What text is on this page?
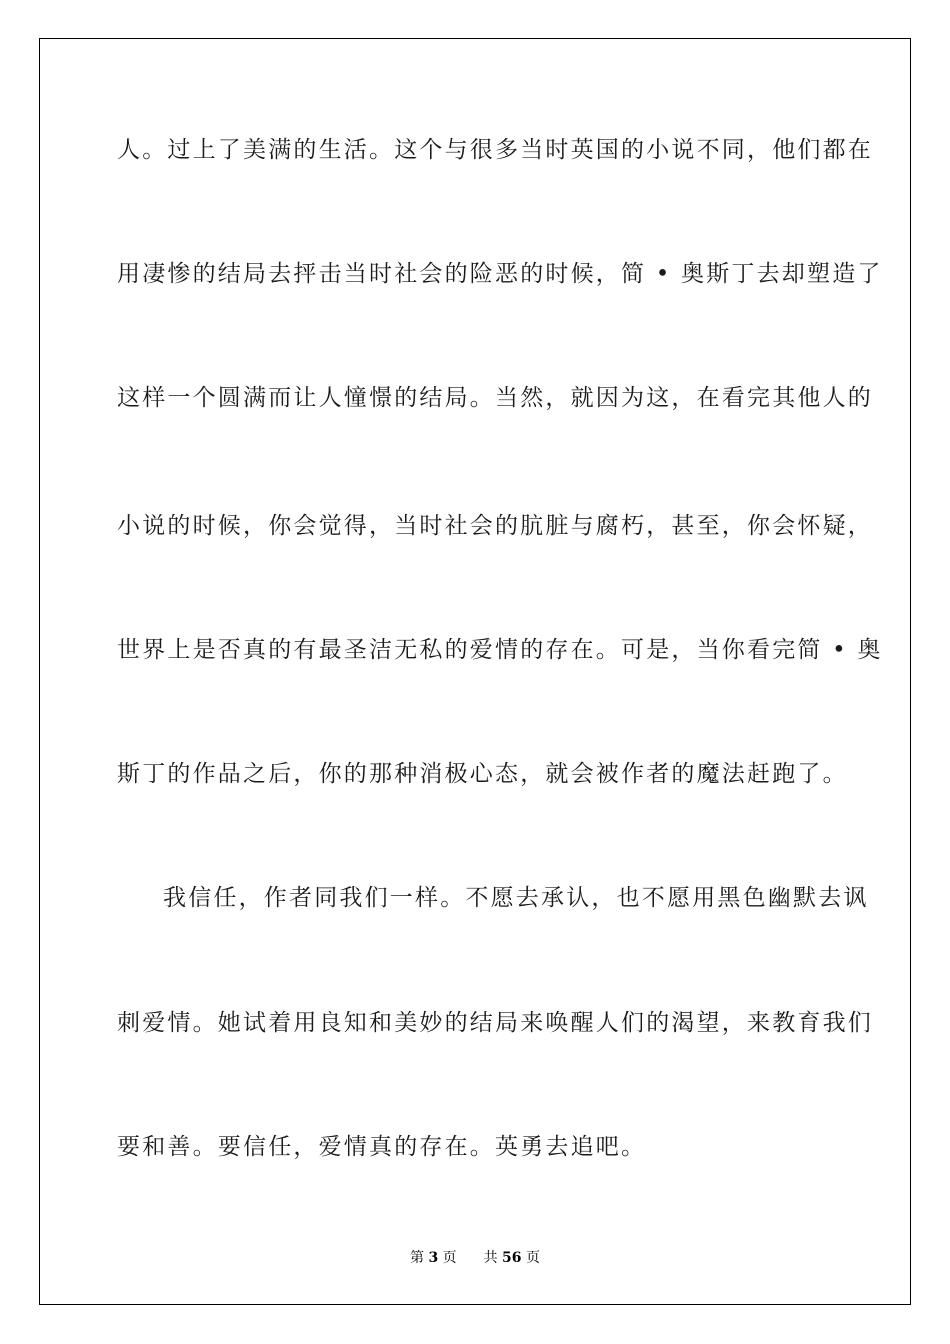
人。过上了美满的生活。这个与很多当时英国的小说不同，他们都在
用凄惨的结局去抨击当时社会的险恶的时候，简 • 奥斯丁去却塑造了
这样一个圆满而让人憧憬的结局。当然，就因为这，在看完其他人的
小说的时候，你会觉得，当时社会的肮脏与腐朽，甚至，你会怀疑，
世界上是否真的有最圣洁无私的爱情的存在。可是，当你看完简 • 奥
斯丁的作品之后，你的那种消极心态，就会被作者的魔法赶跑了。
我信任，作者同我们一样。不愿去承认，也不愿用黑色幽默去讽
刺爱情。她试着用良知和美妙的结局来唤醒人们的渴望，来教育我们
要和善。要信任，爱情真的存在。英勇去追吧。
第 3 页 共 56 页
